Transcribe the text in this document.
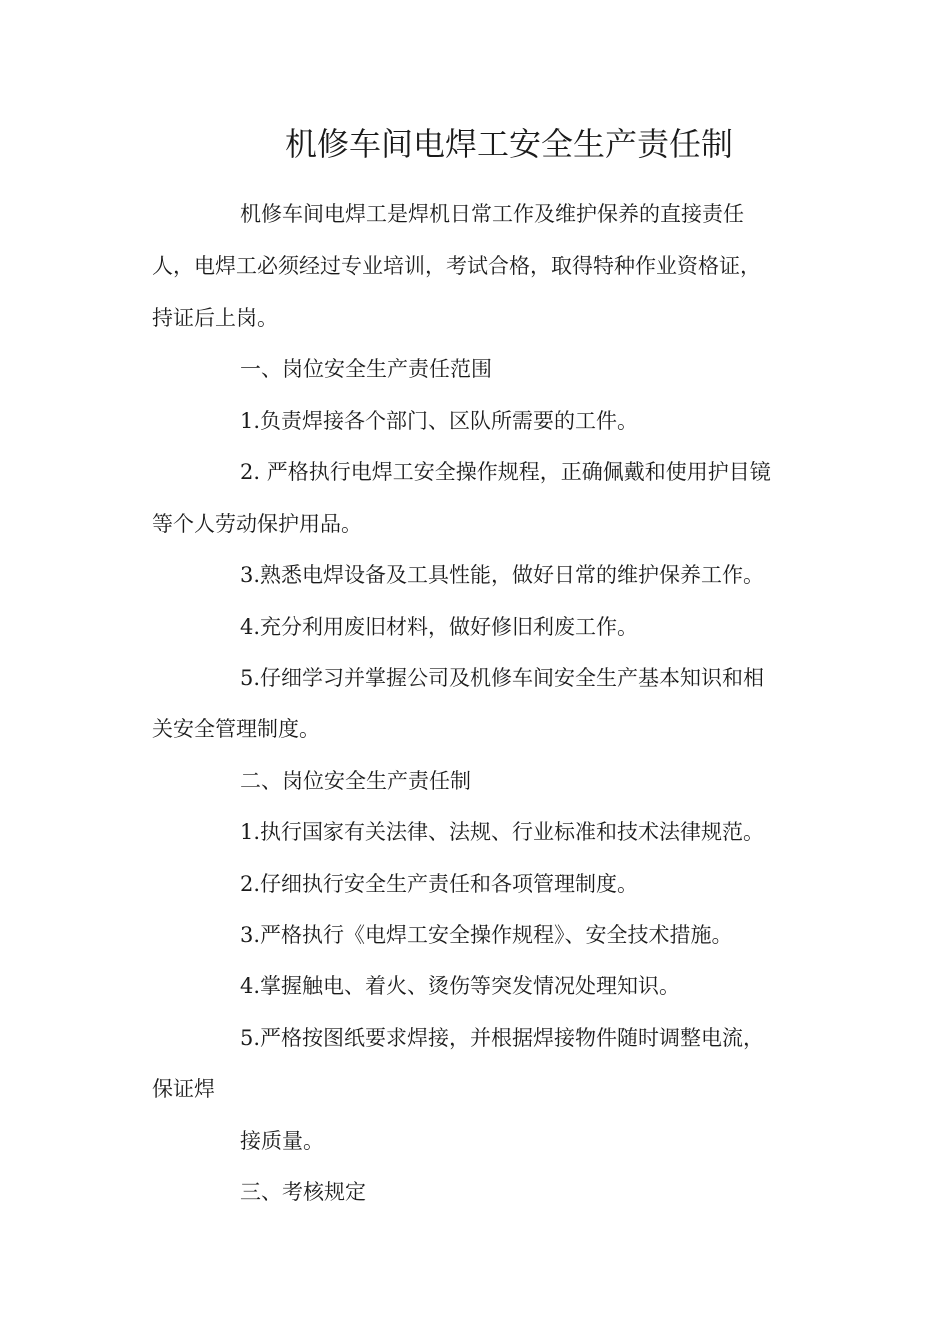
机修车间电焊工安全生产责任制
机修车间电焊工是焊机日常工作及维护保养的直接责任
人，电焊工必须经过专业培训，考试合格，取得特种作业资格证，
持证后上岗。
一、岗位安全生产责任范围
1.负责焊接各个部门、区队所需要的工件。
2. 严格执行电焊工安全操作规程，正确佩戴和使用护目镜
等个人劳动保护用品。
3.熟悉电焊设备及工具性能，做好日常的维护保养工作。
4.充分利用废旧材料，做好修旧利废工作。
5.仔细学习并掌握公司及机修车间安全生产基本知识和相
关安全管理制度。
二、岗位安全生产责任制
1.执行国家有关法律、法规、行业标准和技术法律规范。
2.仔细执行安全生产责任和各项管理制度。
3.严格执行《电焊工安全操作规程》、安全技术措施。
4.掌握触电、着火、烫伤等突发情况处理知识。
5.严格按图纸要求焊接，并根据焊接物件随时调整电流，
保证焊
接质量。
三、考核规定
